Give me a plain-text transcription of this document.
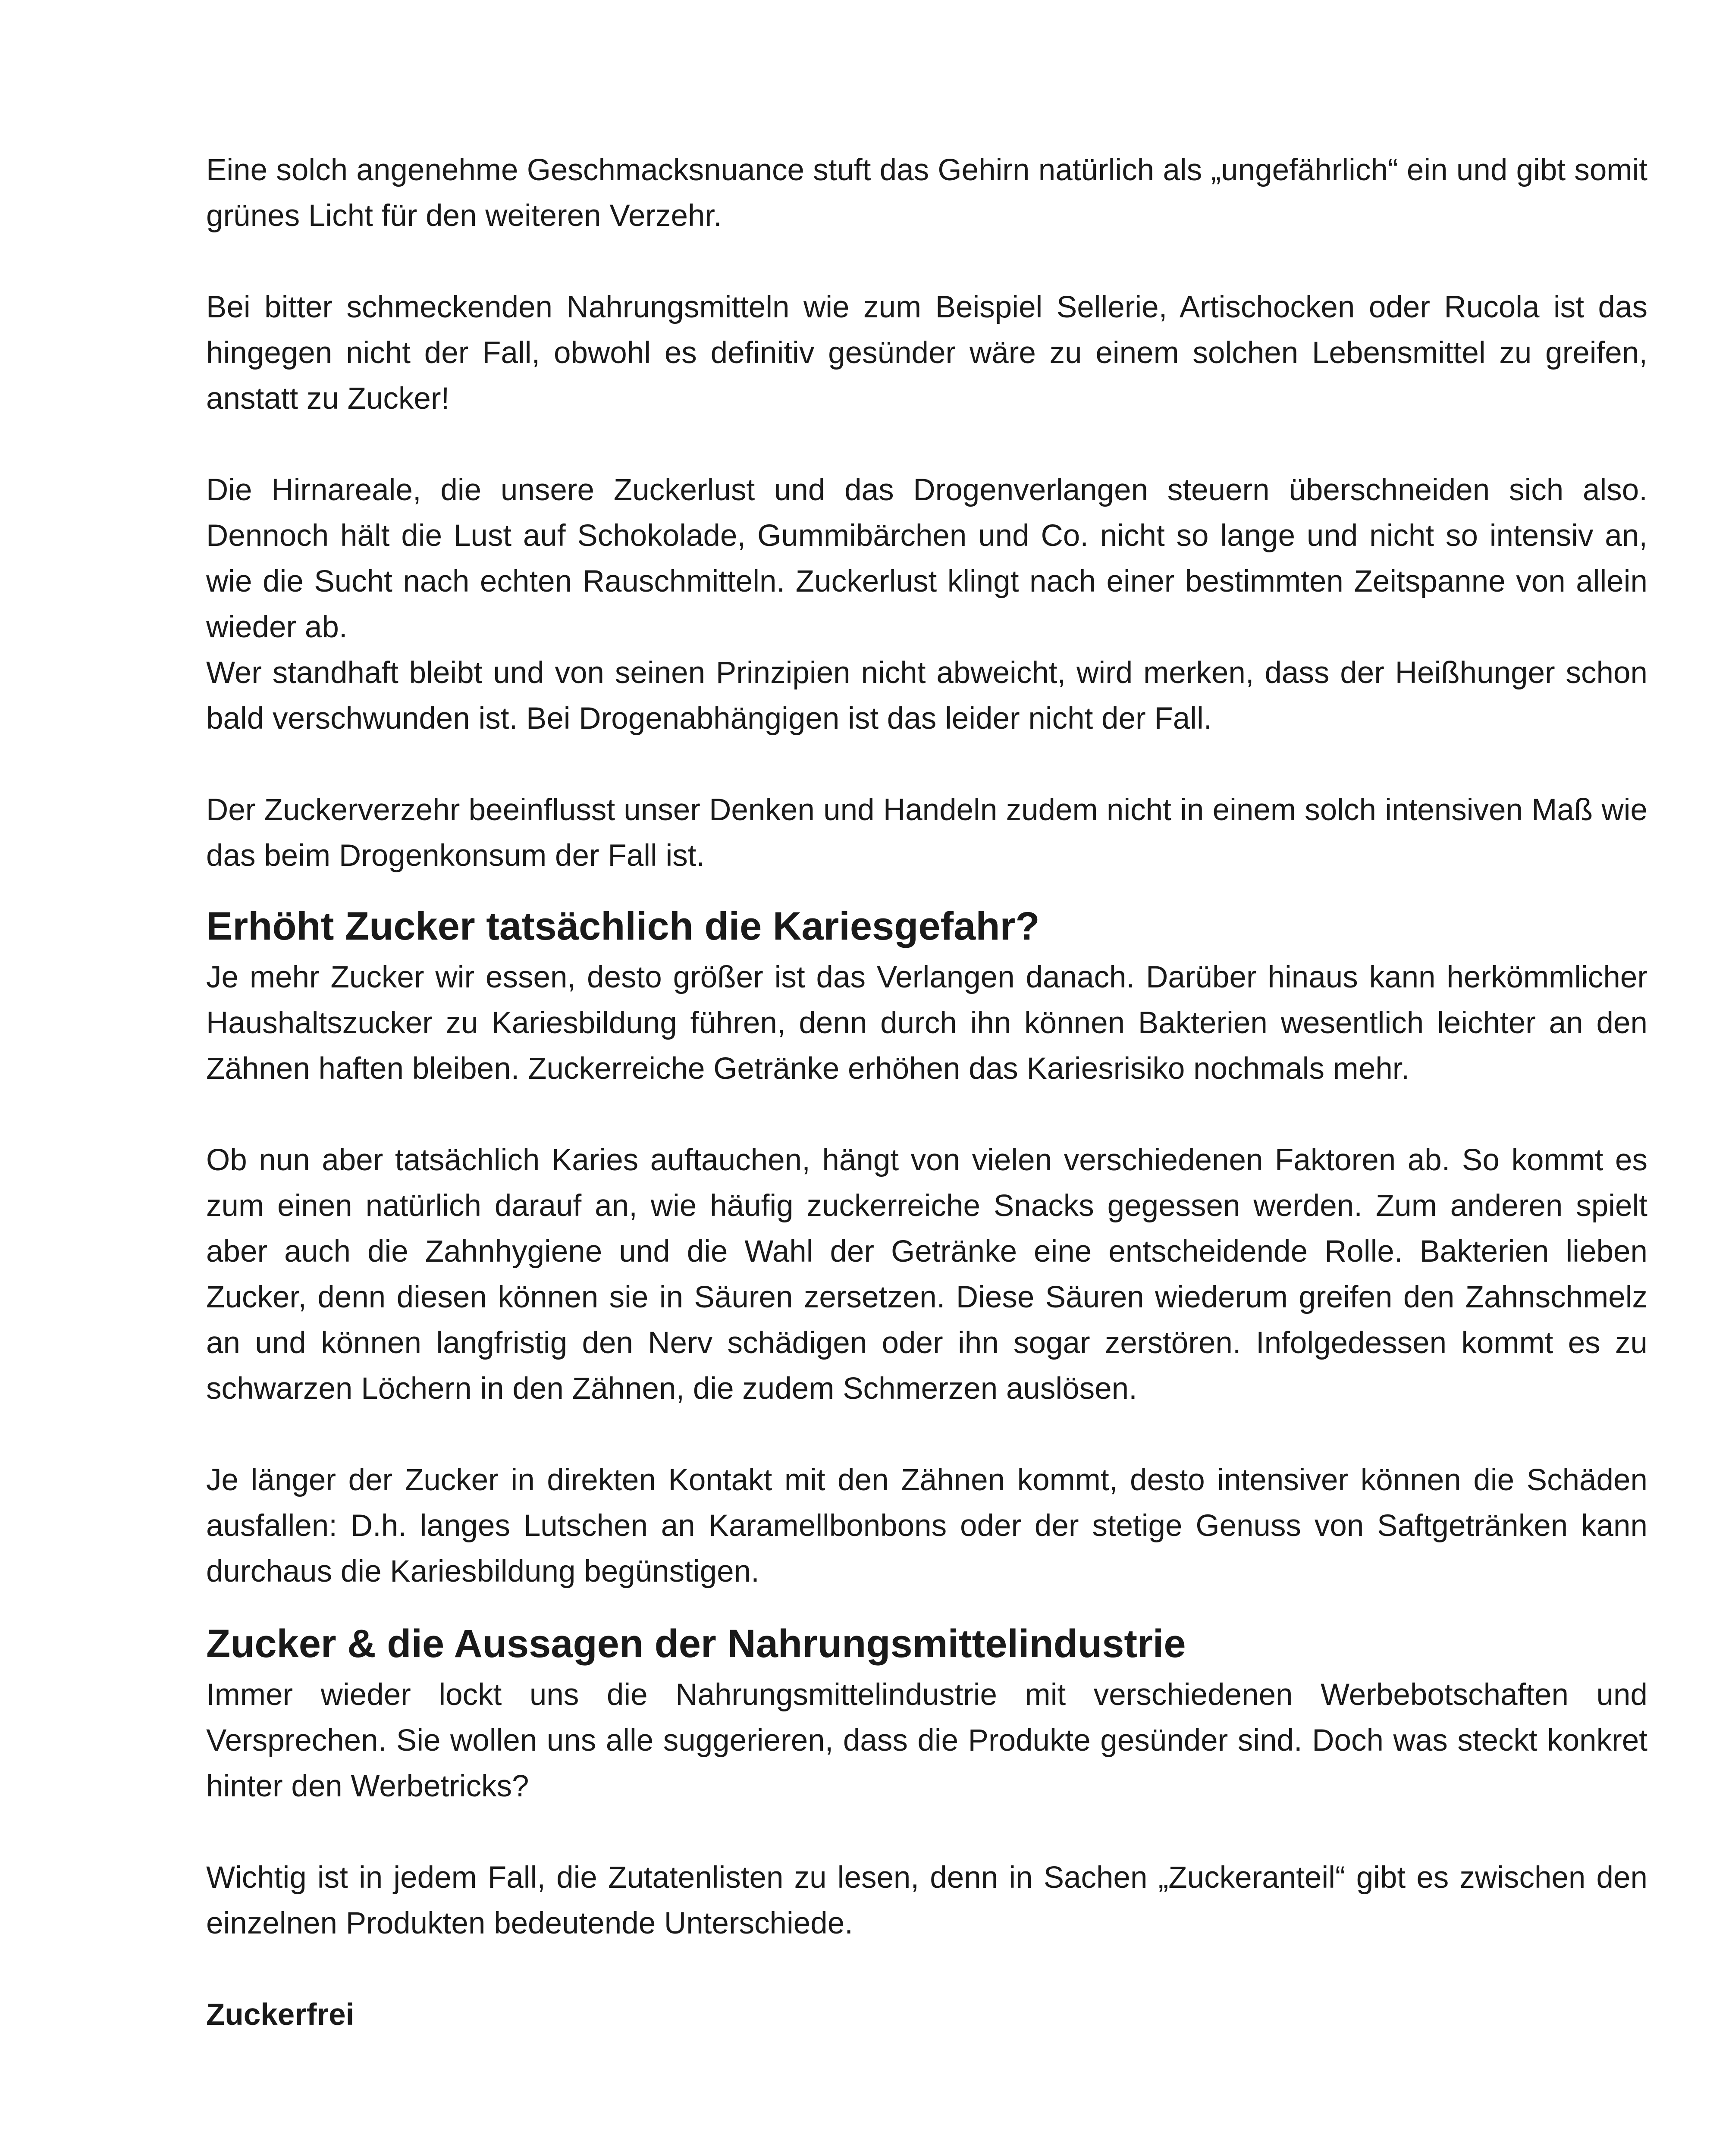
Eine solch angenehme Geschmacksnuance stuft das Gehirn natürlich als „ungefährlich“ ein und gibt somit grünes Licht für den weiteren Verzehr.

Bei bitter schmeckenden Nahrungsmitteln wie zum Beispiel Sellerie, Artischocken oder Rucola ist das hingegen nicht der Fall, obwohl es definitiv gesünder wäre zu einem solchen Lebensmittel zu greifen, anstatt zu Zucker!

Die Hirnareale, die unsere Zuckerlust und das Drogenverlangen steuern überschneiden sich also. Dennoch hält die Lust auf Schokolade, Gummibärchen und Co. nicht so lange und nicht so intensiv an, wie die Sucht nach echten Rauschmitteln. Zuckerlust klingt nach einer bestimmten Zeitspanne von allein wieder ab.

Wer standhaft bleibt und von seinen Prinzipien nicht abweicht, wird merken, dass der Heißhunger schon bald verschwunden ist. Bei Drogenabhängigen ist das leider nicht der Fall.

Der Zuckerverzehr beeinflusst unser Denken und Handeln zudem nicht in einem solch intensiven Maß wie das beim Drogenkonsum der Fall ist.

Erhöht Zucker tatsächlich die Kariesgefahr?

Je mehr Zucker wir essen, desto größer ist das Verlangen danach. Darüber hinaus kann herkömmlicher Haushaltszucker zu Kariesbildung führen, denn durch ihn können Bakterien wesentlich leichter an den Zähnen haften bleiben. Zuckerreiche Getränke erhöhen das Kariesrisiko nochmals mehr.

Ob nun aber tatsächlich Karies auftauchen, hängt von vielen verschiedenen Faktoren ab. So kommt es zum einen natürlich darauf an, wie häufig zuckerreiche Snacks gegessen werden. Zum anderen spielt aber auch die Zahnhygiene und die Wahl der Getränke eine entscheidende Rolle. Bakterien lieben Zucker, denn diesen können sie in Säuren zersetzen. Diese Säuren wiederum greifen den Zahnschmelz an und können langfristig den Nerv schädigen oder ihn sogar zerstören. Infolgedessen kommt es zu schwarzen Löchern in den Zähnen, die zudem Schmerzen auslösen.

Je länger der Zucker in direkten Kontakt mit den Zähnen kommt, desto intensiver können die Schäden ausfallen: D.h. langes Lutschen an Karamellbonbons oder der stetige Genuss von Saftgetränken kann durchaus die Kariesbildung begünstigen.

Zucker & die Aussagen der Nahrungsmittelindustrie

Immer wieder lockt uns die Nahrungsmittelindustrie mit verschiedenen Werbebotschaften und Versprechen. Sie wollen uns alle suggerieren, dass die Produkte gesünder sind. Doch was steckt konkret hinter den Werbetricks?

Wichtig ist in jedem Fall, die Zutatenlisten zu lesen, denn in Sachen „Zuckeranteil“ gibt es zwischen den einzelnen Produkten bedeutende Unterschiede.

Zuckerfrei
